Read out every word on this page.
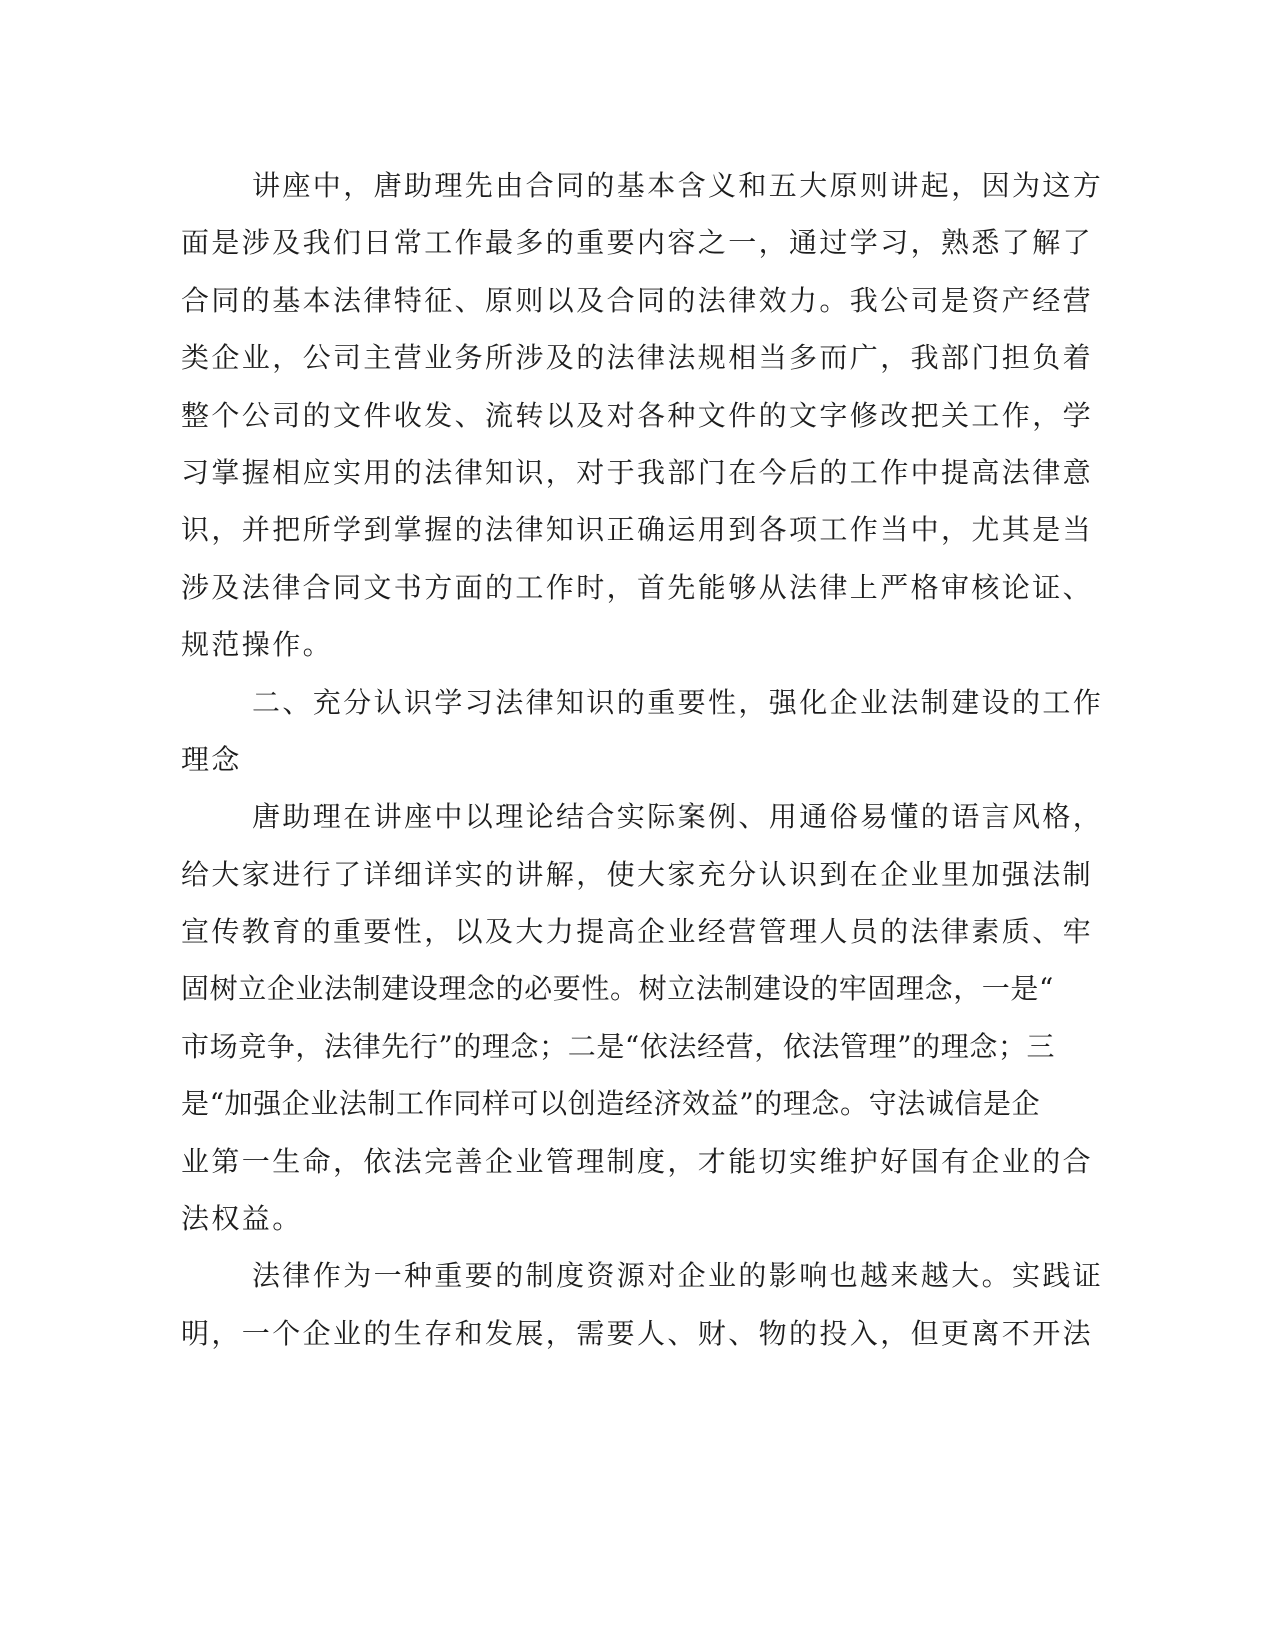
讲座中，唐助理先由合同的基本含义和五大原则讲起，因为这方
面是涉及我们日常工作最多的重要内容之一，通过学习，熟悉了解了
合同的基本法律特征、原则以及合同的法律效力。我公司是资产经营
类企业，公司主营业务所涉及的法律法规相当多而广，我部门担负着
整个公司的文件收发、流转以及对各种文件的文字修改把关工作，学
习掌握相应实用的法律知识，对于我部门在今后的工作中提高法律意
识，并把所学到掌握的法律知识正确运用到各项工作当中，尤其是当
涉及法律合同文书方面的工作时，首先能够从法律上严格审核论证、
规范操作。
二、充分认识学习法律知识的重要性，强化企业法制建设的工作
理念
唐助理在讲座中以理论结合实际案例、用通俗易懂的语言风格，
给大家进行了详细详实的讲解，使大家充分认识到在企业里加强法制
宣传教育的重要性，以及大力提高企业经营管理人员的法律素质、牢
固树立企业法制建设理念的必要性。树立法制建设的牢固理念，一是“
市场竞争，法律先行”的理念；二是“依法经营，依法管理”的理念；三
是“加强企业法制工作同样可以创造经济效益”的理念。守法诚信是企
业第一生命，依法完善企业管理制度，才能切实维护好国有企业的合
法权益。
法律作为一种重要的制度资源对企业的影响也越来越大。实践证
明，一个企业的生存和发展，需要人、财、物的投入，但更离不开法
